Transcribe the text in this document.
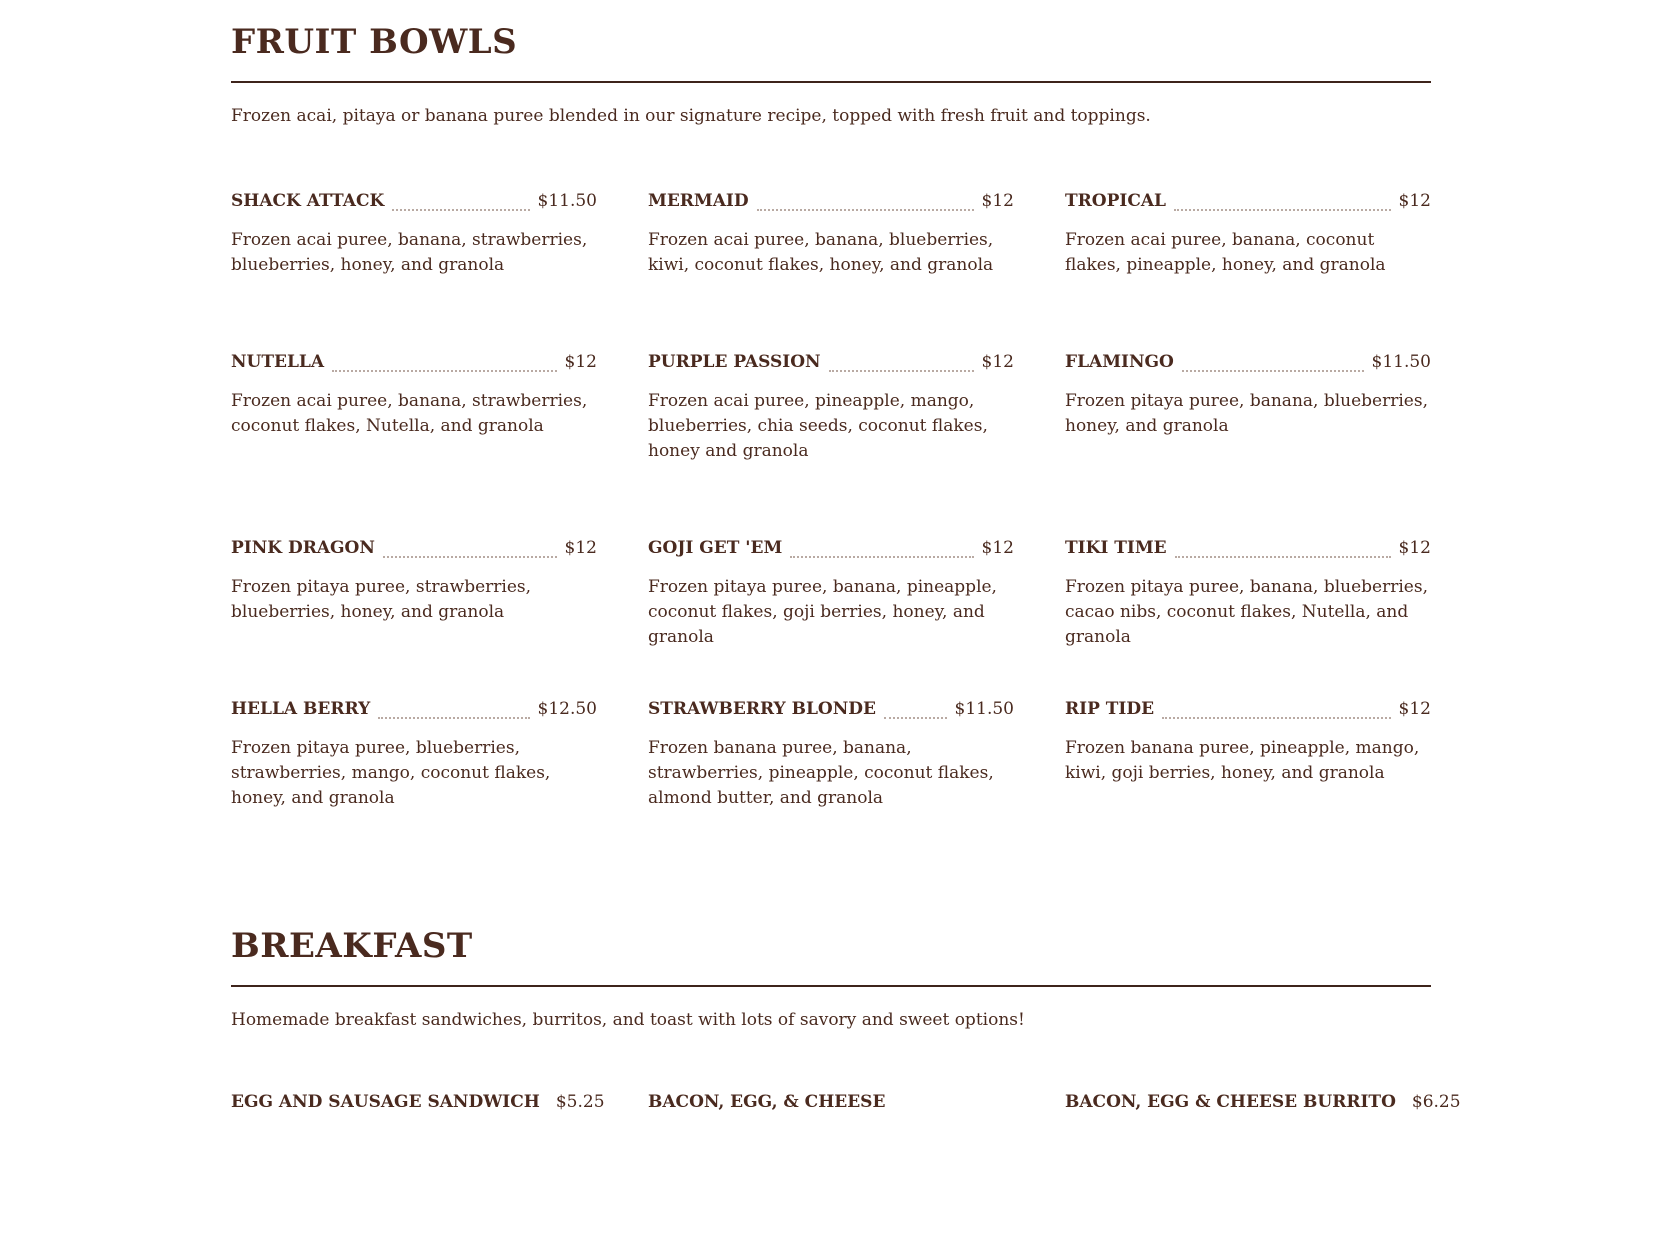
FRUIT BOWLS
Frozen acai, pitaya or banana puree blended in our signature recipe, topped with fresh fruit and toppings.
SHACK ATTACK	$11.50
Frozen acai puree, banana, strawberries, blueberries, honey, and granola
MERMAID	$12
Frozen acai puree, banana, blueberries, kiwi, coconut flakes, honey, and granola
TROPICAL	$12
Frozen acai puree, banana, coconut flakes, pineapple, honey, and granola
NUTELLA	$12
Frozen acai puree, banana, strawberries, coconut flakes, Nutella, and granola
PURPLE PASSION	$12
Frozen acai puree, pineapple, mango, blueberries, chia seeds, coconut flakes, honey and granola
FLAMINGO	$11.50
Frozen pitaya puree, banana, blueberries, honey, and granola
PINK DRAGON	$12
Frozen pitaya puree, strawberries, blueberries, honey, and granola
GOJI GET 'EM	$12
Frozen pitaya puree, banana, pineapple, coconut flakes, goji berries, honey, and granola
TIKI TIME	$12
Frozen pitaya puree, banana, blueberries, cacao nibs, coconut flakes, Nutella, and granola
HELLA BERRY	$12.50
Frozen pitaya puree, blueberries, strawberries, mango, coconut flakes, honey, and granola
STRAWBERRY BLONDE	$11.50
Frozen banana puree, banana, strawberries, pineapple, coconut flakes, almond butter, and granola
RIP TIDE	$12
Frozen banana puree, pineapple, mango, kiwi, goji berries, honey, and granola
BREAKFAST
Homemade breakfast sandwiches, burritos, and toast with lots of savory and sweet options!
EGG AND SAUSAGE SANDWICH $5.25	BACON, EGG, & CHEESE	BACON, EGG & CHEESE BURRITO $6.25
